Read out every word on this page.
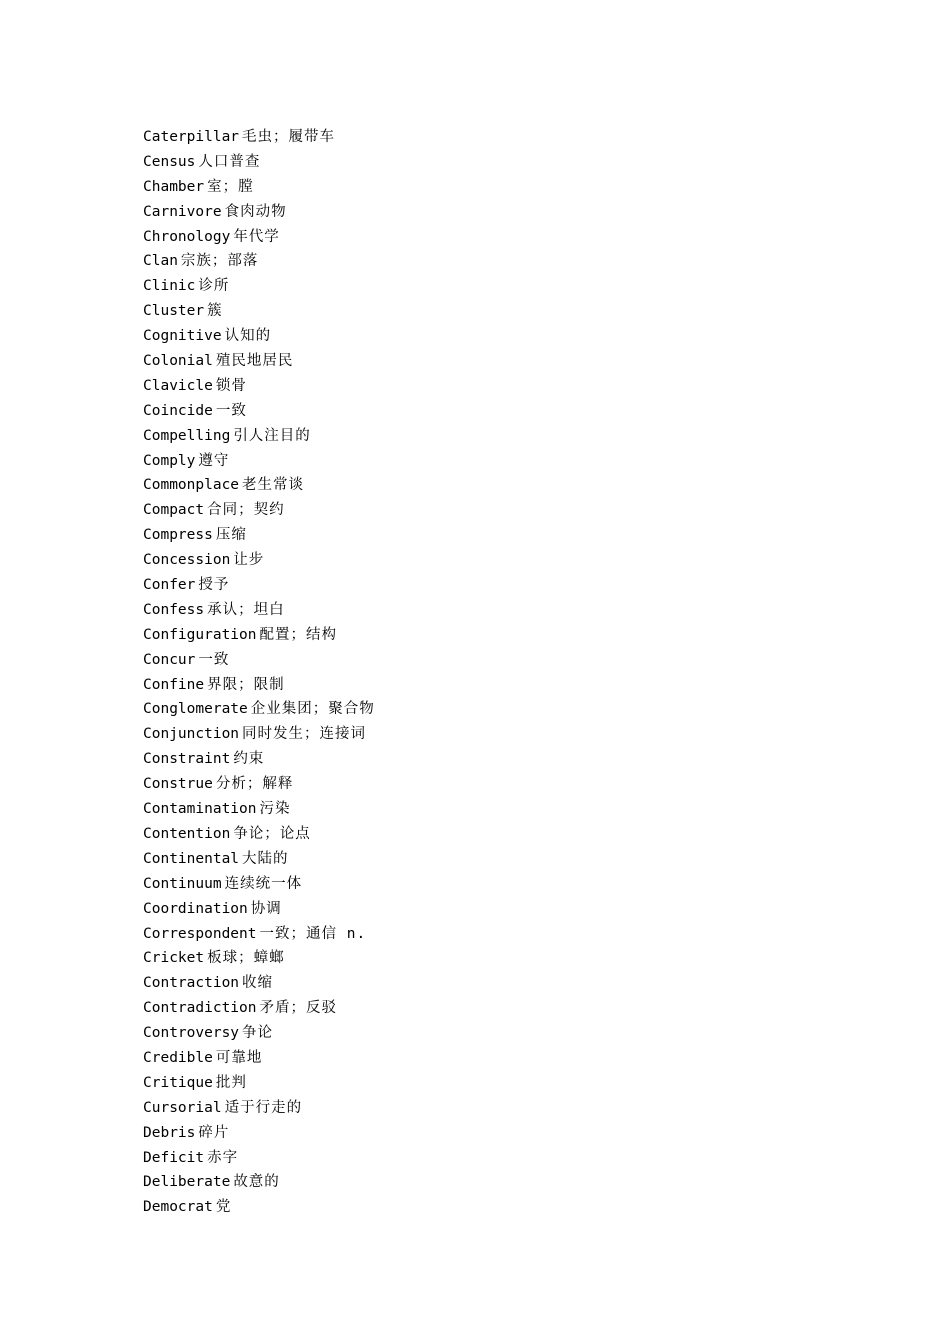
Caterpillar 毛虫；履带车
Census 人口普查
Chamber 室；膛
Carnivore 食肉动物
Chronology 年代学
Clan 宗族；部落
Clinic 诊所
Cluster 簇
Cognitive 认知的
Colonial 殖民地居民
Clavicle 锁骨
Coincide 一致
Compelling 引人注目的
Comply 遵守
Commonplace 老生常谈
Compact 合同；契约
Compress 压缩
Concession 让步
Confer 授予
Confess 承认；坦白
Configuration 配置；结构
Concur 一致
Confine 界限；限制
Conglomerate 企业集团；聚合物
Conjunction 同时发生；连接词
Constraint 约束
Construe 分析；解释
Contamination 污染
Contention 争论；论点
Continental 大陆的
Continuum 连续统一体
Coordination 协调
Correspondent 一致；通信 n.
Cricket 板球；蟑螂
Contraction 收缩
Contradiction 矛盾；反驳
Controversy 争论
Credible 可靠地
Critique 批判
Cursorial 适于行走的
Debris 碎片
Deficit 赤字
Deliberate 故意的
Democrat 党
